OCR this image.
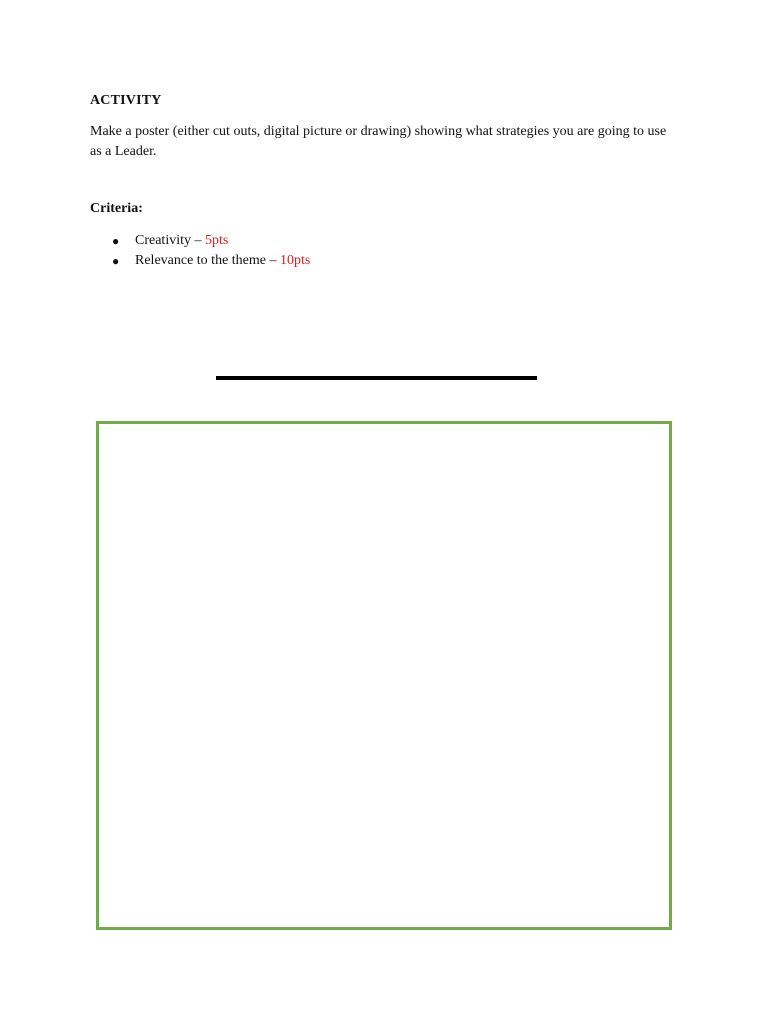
ACTIVITY
Make a poster (either cut outs, digital picture or drawing) showing what strategies you are going to use as a Leader.
Criteria:
● Creativity – 5pts
● Relevance to the theme – 10pts
